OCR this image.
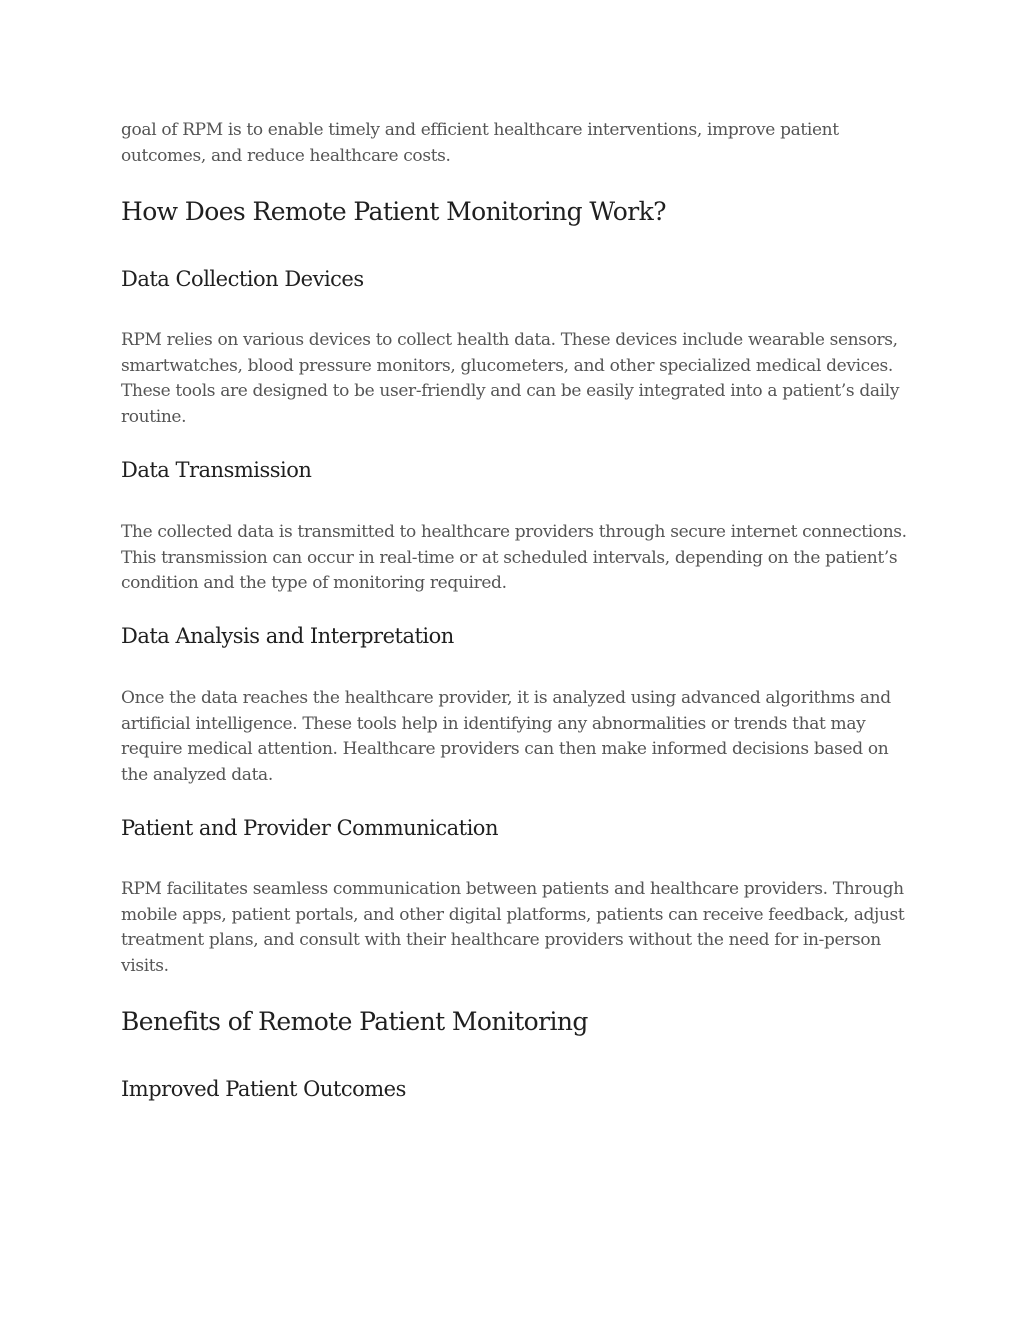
goal of RPM is to enable timely and efficient healthcare interventions, improve patient outcomes, and reduce healthcare costs.

How Does Remote Patient Monitoring Work?
Data Collection Devices

RPM relies on various devices to collect health data. These devices include wearable sensors, smartwatches, blood pressure monitors, glucometers, and other specialized medical devices. These tools are designed to be user-friendly and can be easily integrated into a patient’s daily routine.

Data Transmission

The collected data is transmitted to healthcare providers through secure internet connections. This transmission can occur in real-time or at scheduled intervals, depending on the patient’s condition and the type of monitoring required.

Data Analysis and Interpretation

Once the data reaches the healthcare provider, it is analyzed using advanced algorithms and artificial intelligence. These tools help in identifying any abnormalities or trends that may require medical attention. Healthcare providers can then make informed decisions based on the analyzed data.

Patient and Provider Communication

RPM facilitates seamless communication between patients and healthcare providers. Through mobile apps, patient portals, and other digital platforms, patients can receive feedback, adjust treatment plans, and consult with their healthcare providers without the need for in-person visits.

Benefits of Remote Patient Monitoring
Improved Patient Outcomes
